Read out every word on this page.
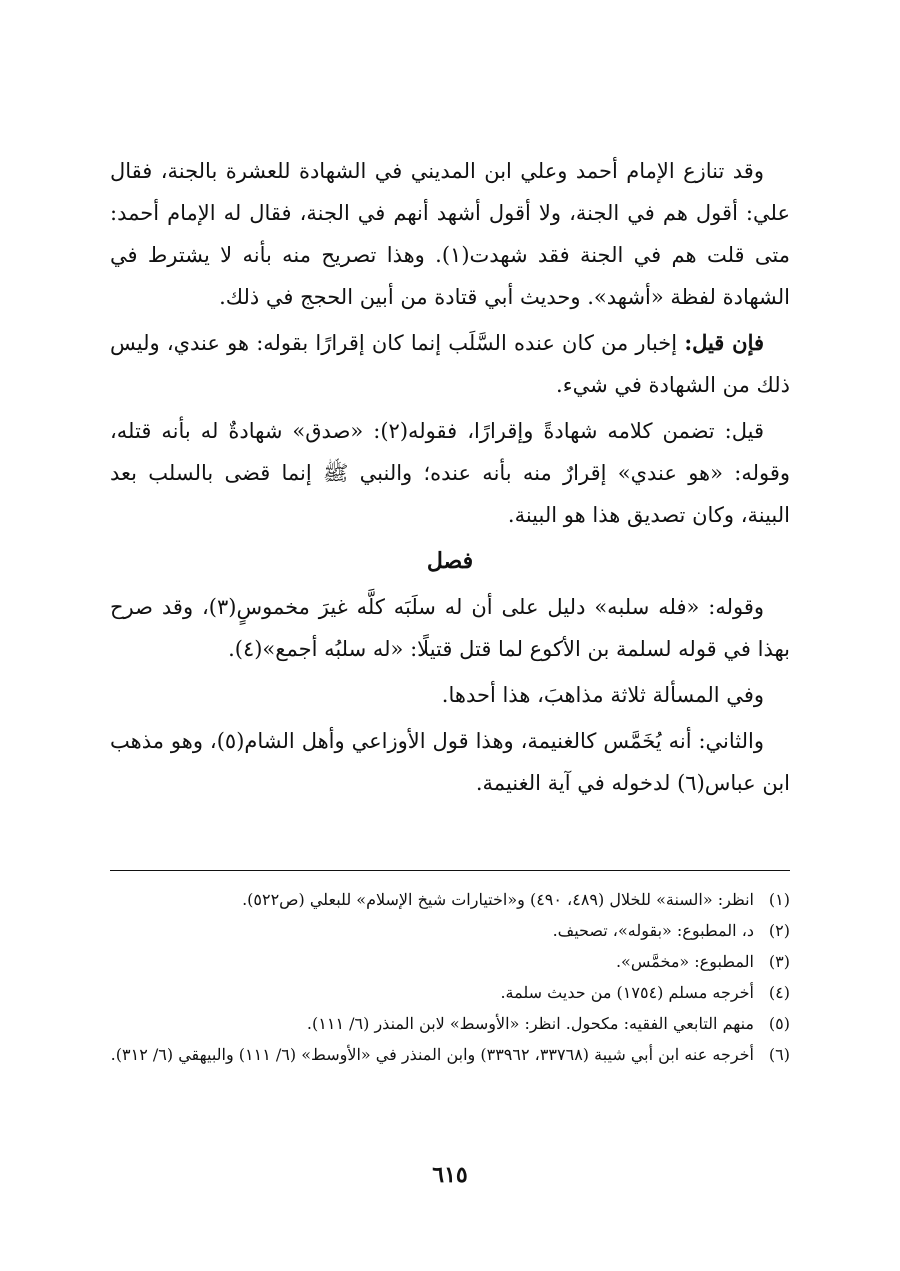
وقد تنازع الإمام أحمد وعلي ابن المديني في الشهادة للعشرة بالجنة، فقال علي: أقول هم في الجنة، ولا أقول أشهد أنهم في الجنة، فقال له الإمام أحمد: متى قلت هم في الجنة فقد شهدت(١). وهذا تصريح منه بأنه لا يشترط في الشهادة لفظة «أشهد». وحديث أبي قتادة من أبين الحجج في ذلك.

فإن قيل: إخبار من كان عنده السَّلَب إنما كان إقرارًا بقوله: هو عندي، وليس ذلك من الشهادة في شيء.

قيل: تضمن كلامه شهادةً وإقرارًا، فقوله(٢): «صدق» شهادةٌ له بأنه قتله، وقوله: «هو عندي» إقرارٌ منه بأنه عنده؛ والنبي ﷺ إنما قضى بالسلب بعد البينة، وكان تصديق هذا هو البينة.

فصل

وقوله: «فله سلبه» دليل على أن له سلَبَه كلَّه غيرَ مخموسٍ(٣)، وقد صرح بهذا في قوله لسلمة بن الأكوع لما قتل قتيلًا: «له سلبُه أجمع»(٤).

وفي المسألة ثلاثة مذاهبَ، هذا أحدها.

والثاني: أنه يُخَمَّس كالغنيمة، وهذا قول الأوزاعي وأهل الشام(٥)، وهو مذهب ابن عباس(٦) لدخوله في آية الغنيمة.

(١)
انظر: «السنة» للخلال (٤٨٩، ٤٩٠) و«اختيارات شيخ الإسلام» للبعلي (ص٥٢٢).
(٢)
د، المطبوع: «بقوله»، تصحيف.
(٣)
المطبوع: «مخمَّس».
(٤)
أخرجه مسلم (١٧٥٤) من حديث سلمة.
(٥)
منهم التابعي الفقيه: مكحول. انظر: «الأوسط» لابن المنذر (٦/ ١١١).
(٦)
أخرجه عنه ابن أبي شيبة (٣٣٧٦٨، ٣٣٩٦٢) وابن المنذر في «الأوسط» (٦/ ١١١) والبيهقي (٦/ ٣١٢).
٦١٥
